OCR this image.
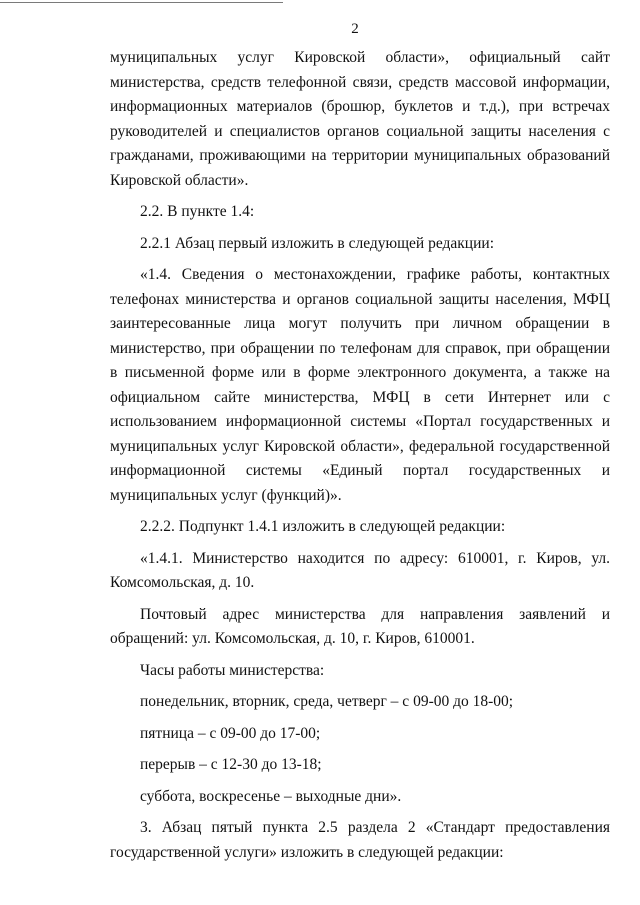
2

муниципальных услуг Кировской области», официальный сайт министерства, средств телефонной связи, средств массовой информации, информационных материалов (брошюр, буклетов и т.д.), при встречах руководителей и специалистов органов социальной защиты населения с гражданами, проживающими на территории муниципальных образований Кировской области».

2.2. В пункте 1.4:

2.2.1 Абзац первый изложить в следующей редакции:

«1.4. Сведения о местонахождении, графике работы, контактных телефонах министерства и органов социальной защиты населения, МФЦ заинтересованные лица могут получить при личном обращении в министерство, при обращении по телефонам для справок, при обращении в письменной форме или в форме электронного документа, а также на официальном сайте министерства, МФЦ в сети Интернет или с использованием информационной системы «Портал государственных и муниципальных услуг Кировской области», федеральной государственной информационной системы «Единый портал государственных и муниципальных услуг (функций)».

2.2.2. Подпункт 1.4.1 изложить в следующей редакции:

«1.4.1. Министерство находится по адресу: 610001, г. Киров, ул. Комсомольская, д. 10.

Почтовый адрес министерства для направления заявлений и обращений: ул. Комсомольская, д. 10, г. Киров, 610001.

Часы работы министерства:

понедельник, вторник, среда, четверг – с 09-00 до 18-00;

пятница – с 09-00 до 17-00;

перерыв – с 12-30 до 13-18;

суббота, воскресенье – выходные дни».

3. Абзац пятый пункта 2.5 раздела 2 «Стандарт предоставления государственной услуги» изложить в следующей редакции:
